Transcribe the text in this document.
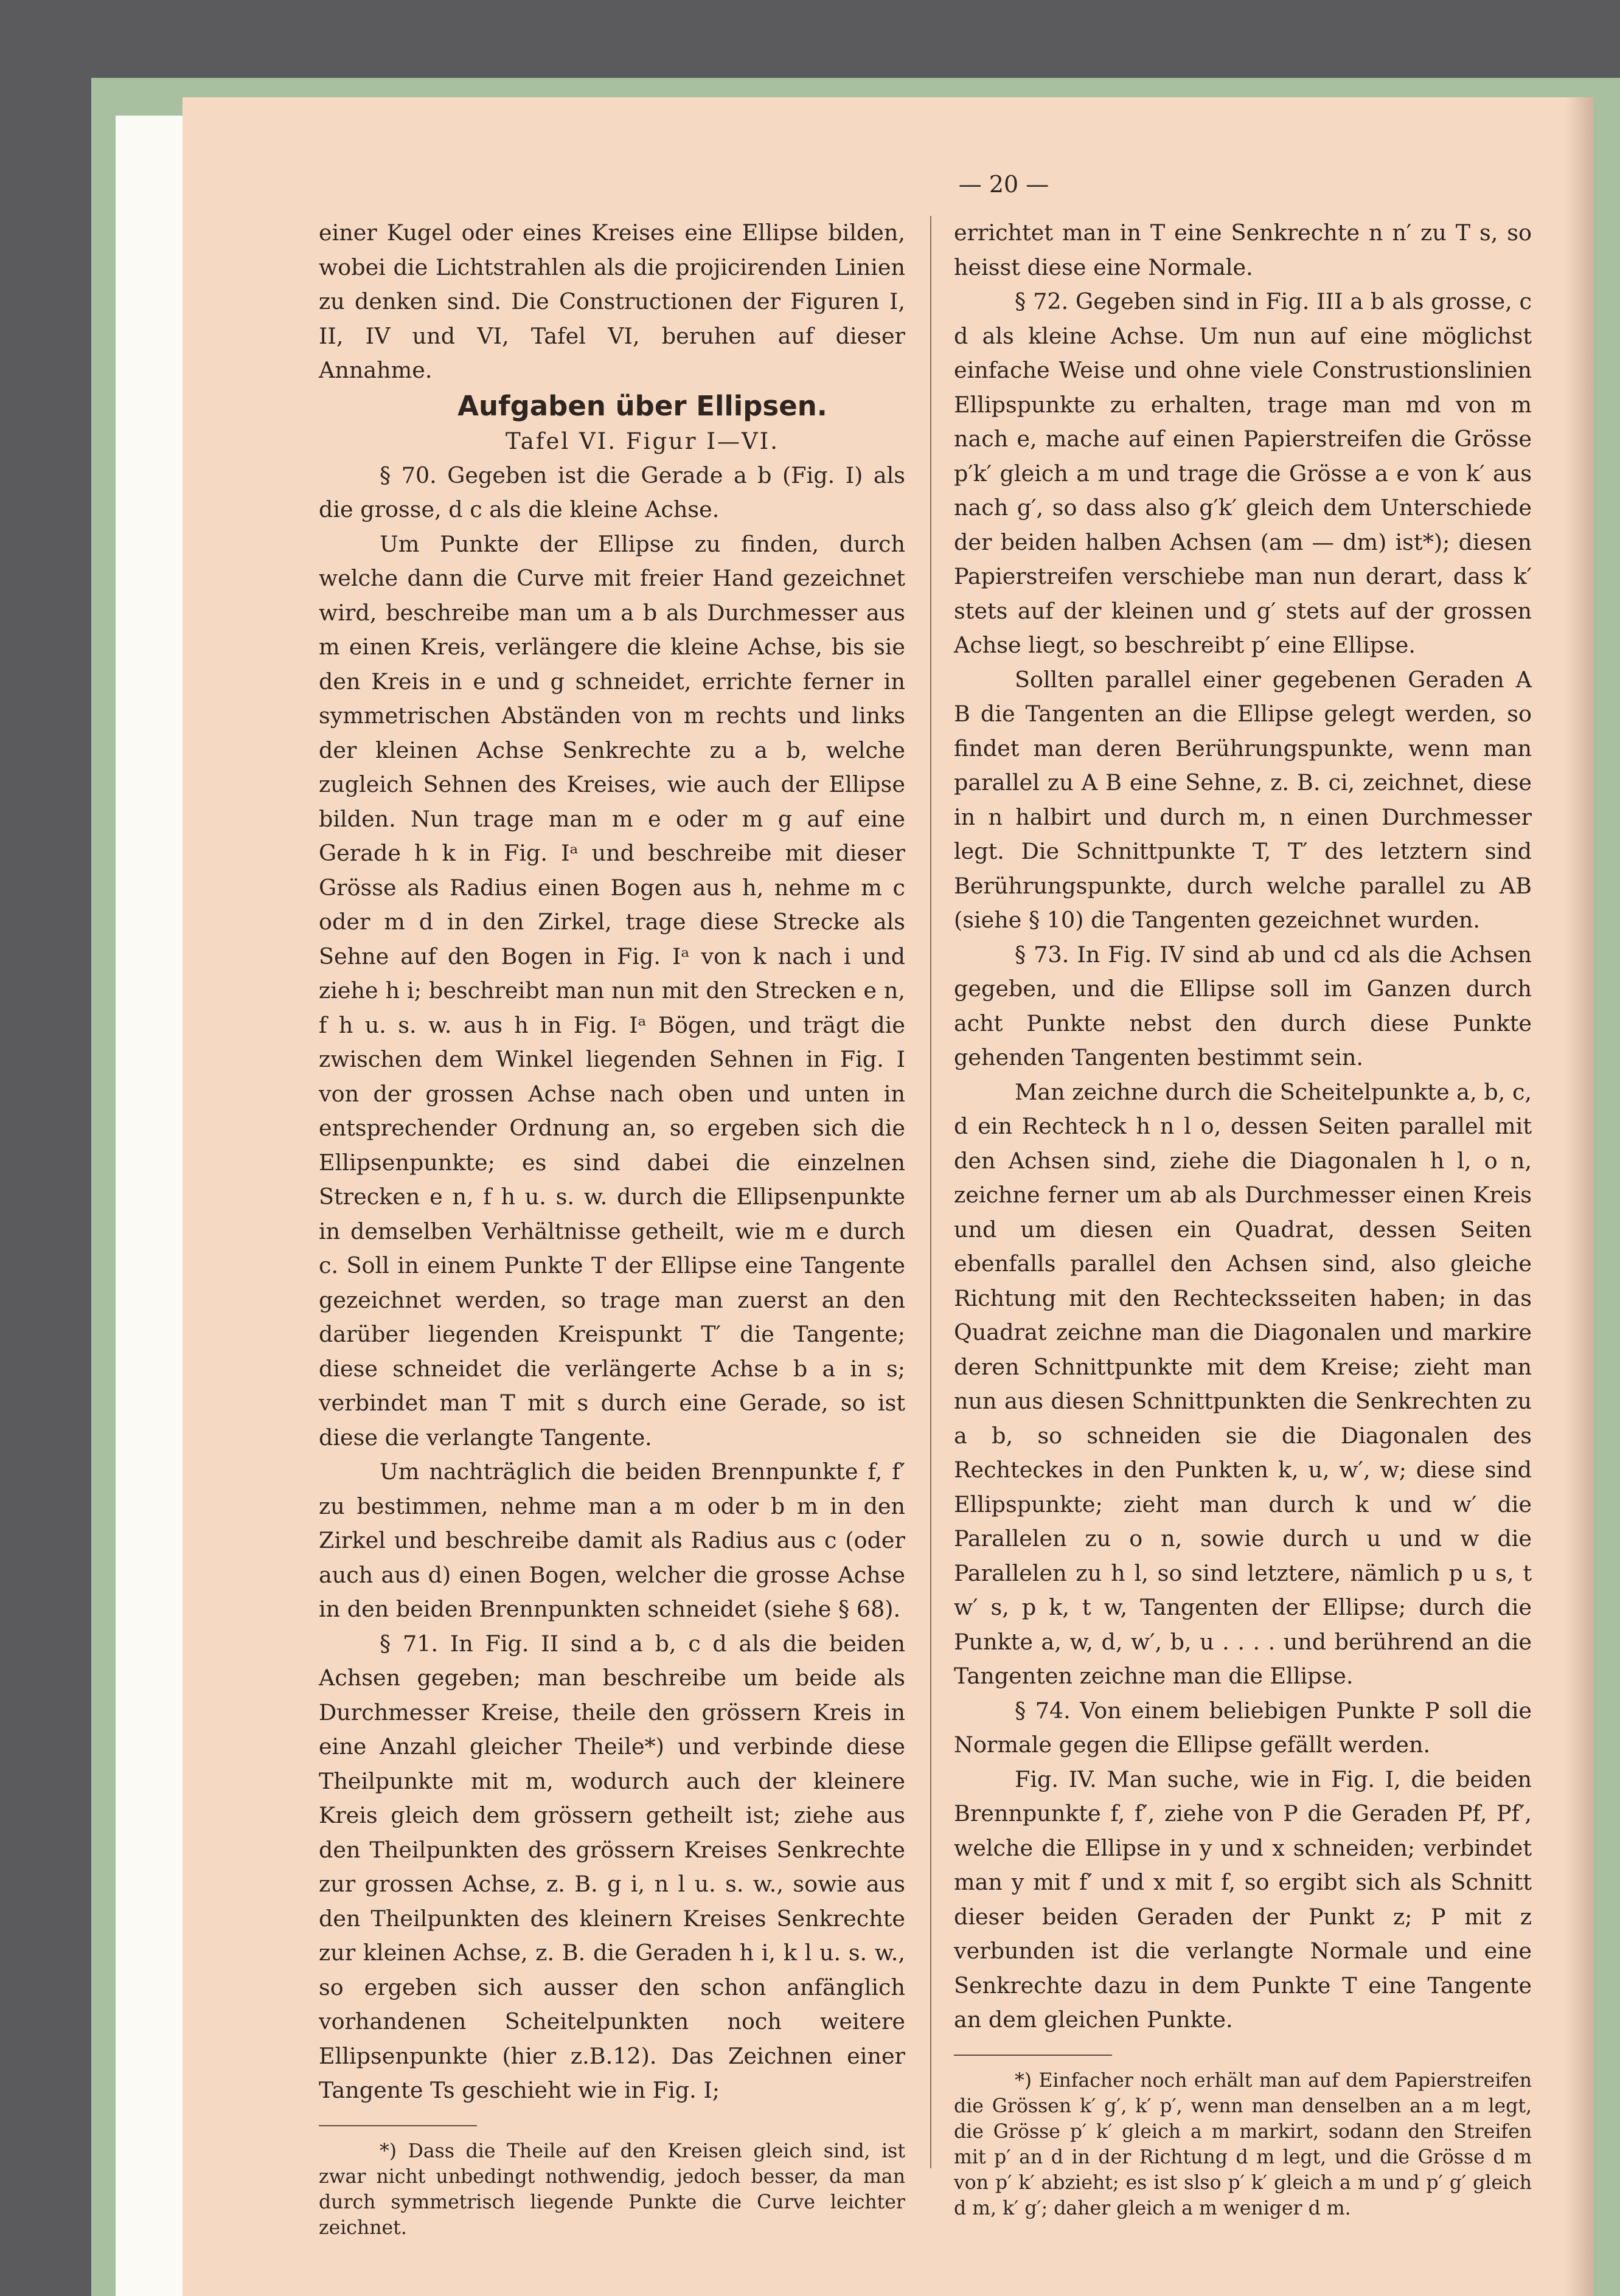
— 20 —

einer Kugel oder eines Kreises eine Ellipse bilden, wobei die Lichtstrahlen als die projicirenden Linien zu denken sind. Die Constructionen der Figuren I, II, IV und VI, Tafel VI, beruhen auf dieser Annahme.

Aufgaben über Ellipsen.

Tafel VI. Figur I—VI.

§ 70. Gegeben ist die Gerade a b (Fig. I) als die grosse, d c als die kleine Achse.

Um Punkte der Ellipse zu finden, durch welche dann die Curve mit freier Hand gezeichnet wird, beschreibe man um a b als Durchmesser aus m einen Kreis, verlängere die kleine Achse, bis sie den Kreis in e und g schneidet, errichte ferner in symmetrischen Abständen von m rechts und links der kleinen Achse Senkrechte zu a b, welche zugleich Sehnen des Kreises, wie auch der Ellipse bilden. Nun trage man m e oder m g auf eine Gerade h k in Fig. Iᵃ und beschreibe mit dieser Grösse als Radius einen Bogen aus h, nehme m c oder m d in den Zirkel, trage diese Strecke als Sehne auf den Bogen in Fig. Iᵃ von k nach i und ziehe h i; beschreibt man nun mit den Strecken e n, f h u. s. w. aus h in Fig. Iᵃ Bögen, und trägt die zwischen dem Winkel liegenden Sehnen in Fig. I von der grossen Achse nach oben und unten in entsprechender Ordnung an, so ergeben sich die Ellipsenpunkte; es sind dabei die einzelnen Strecken e n, f h u. s. w. durch die Ellipsenpunkte in demselben Verhältnisse getheilt, wie m e durch c. Soll in einem Punkte T der Ellipse eine Tangente gezeichnet werden, so trage man zuerst an den darüber liegenden Kreispunkt T′ die Tangente; diese schneidet die verlängerte Achse b a in s; verbindet man T mit s durch eine Gerade, so ist diese die verlangte Tangente.

Um nachträglich die beiden Brennpunkte f, f′ zu bestimmen, nehme man a m oder b m in den Zirkel und beschreibe damit als Radius aus c (oder auch aus d) einen Bogen, welcher die grosse Achse in den beiden Brennpunkten schneidet (siehe § 68).

§ 71. In Fig. II sind a b, c d als die beiden Achsen gegeben; man beschreibe um beide als Durchmesser Kreise, theile den grössern Kreis in eine Anzahl gleicher Theile*) und verbinde diese Theilpunkte mit m, wodurch auch der kleinere Kreis gleich dem grössern getheilt ist; ziehe aus den Theilpunkten des grössern Kreises Senkrechte zur grossen Achse, z. B. g i, n l u. s. w., sowie aus den Theilpunkten des kleinern Kreises Senkrechte zur kleinen Achse, z. B. die Geraden h i, k l u. s. w., so ergeben sich ausser den schon anfänglich vorhandenen Scheitelpunkten noch weitere Ellipsenpunkte (hier z.B.12). Das Zeichnen einer Tangente Ts geschieht wie in Fig. I;

*) Dass die Theile auf den Kreisen gleich sind, ist zwar nicht unbedingt nothwendig, jedoch besser, da man durch symmetrisch liegende Punkte die Curve leichter zeichnet.

errichtet man in T eine Senkrechte n n′ zu T s, so heisst diese eine Normale.

§ 72. Gegeben sind in Fig. III a b als grosse, c d als kleine Achse. Um nun auf eine möglichst einfache Weise und ohne viele Construstionslinien Ellipspunkte zu erhalten, trage man md von m nach e, mache auf einen Papierstreifen die Grösse p′k′ gleich a m und trage die Grösse a e von k′ aus nach g′, so dass also g′k′ gleich dem Unterschiede der beiden halben Achsen (am — dm) ist*); diesen Papierstreifen verschiebe man nun derart, dass k′ stets auf der kleinen und g′ stets auf der grossen Achse liegt, so beschreibt p′ eine Ellipse.

Sollten parallel einer gegebenen Geraden A B die Tangenten an die Ellipse gelegt werden, so findet man deren Berührungspunkte, wenn man parallel zu A B eine Sehne, z. B. ci, zeichnet, diese in n halbirt und durch m, n einen Durchmesser legt. Die Schnittpunkte T, T′ des letztern sind Berührungspunkte, durch welche parallel zu AB (siehe § 10) die Tangenten gezeichnet wurden.

§ 73. In Fig. IV sind ab und cd als die Achsen gegeben, und die Ellipse soll im Ganzen durch acht Punkte nebst den durch diese Punkte gehenden Tangenten bestimmt sein.

Man zeichne durch die Scheitelpunkte a, b, c, d ein Rechteck h n l o, dessen Seiten parallel mit den Achsen sind, ziehe die Diagonalen h l, o n, zeichne ferner um ab als Durchmesser einen Kreis und um diesen ein Quadrat, dessen Seiten ebenfalls parallel den Achsen sind, also gleiche Richtung mit den Rechtecksseiten haben; in das Quadrat zeichne man die Diagonalen und markire deren Schnittpunkte mit dem Kreise; zieht man nun aus diesen Schnittpunkten die Senkrechten zu a b, so schneiden sie die Diagonalen des Rechteckes in den Punkten k, u, w′, w; diese sind Ellipspunkte; zieht man durch k und w′ die Parallelen zu o n, sowie durch u und w die Parallelen zu h l, so sind letztere, nämlich p u s, t w′ s, p k, t w, Tangenten der Ellipse; durch die Punkte a, w, d, w′, b, u . . . . und berührend an die Tangenten zeichne man die Ellipse.

§ 74. Von einem beliebigen Punkte P soll die Normale gegen die Ellipse gefällt werden.

Fig. IV. Man suche, wie in Fig. I, die beiden Brennpunkte f, f′, ziehe von P die Geraden Pf, Pf′, welche die Ellipse in y und x schneiden; verbindet man y mit f′ und x mit f, so ergibt sich als Schnitt dieser beiden Geraden der Punkt z; P mit z verbunden ist die verlangte Normale und eine Senkrechte dazu in dem Punkte T eine Tangente an dem gleichen Punkte.

*) Einfacher noch erhält man auf dem Papierstreifen die Grössen k′ g′, k′ p′, wenn man denselben an a m legt, die Grösse p′ k′ gleich a m markirt, sodann den Streifen mit p′ an d in der Richtung d m legt, und die Grösse d m von p′ k′ abzieht; es ist slso p′ k′ gleich a m und p′ g′ gleich d m, k′ g′; daher gleich a m weniger d m.
